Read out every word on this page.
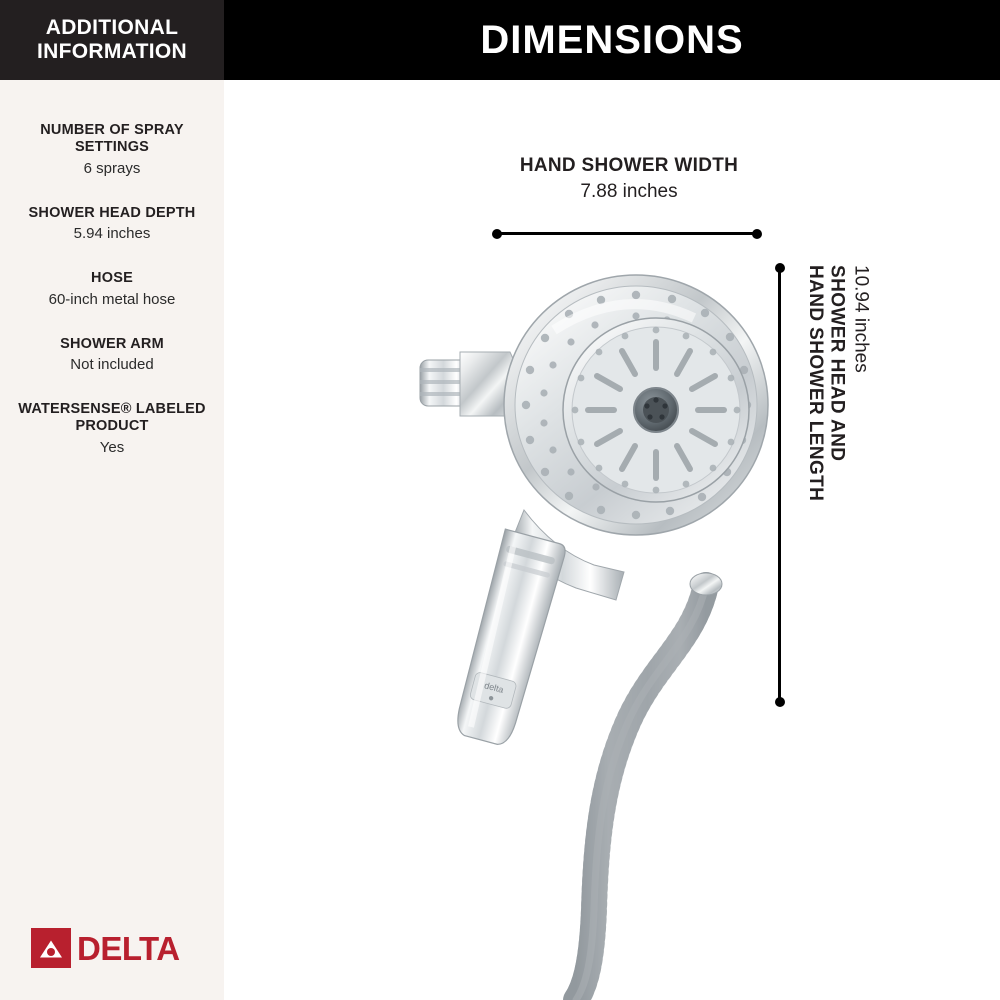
ADDITIONAL
INFORMATION
NUMBER OF SPRAY SETTINGS
6 sprays
SHOWER HEAD DEPTH
5.94 inches
HOSE
60-inch metal hose
SHOWER ARM
Not included
WATERSENSE® LABELED PRODUCT
Yes
DELTA
DIMENSIONS
delta
HAND SHOWER WIDTH
7.88 inches
SHOWER HEAD AND
HAND SHOWER LENGTH 10.94 inches
